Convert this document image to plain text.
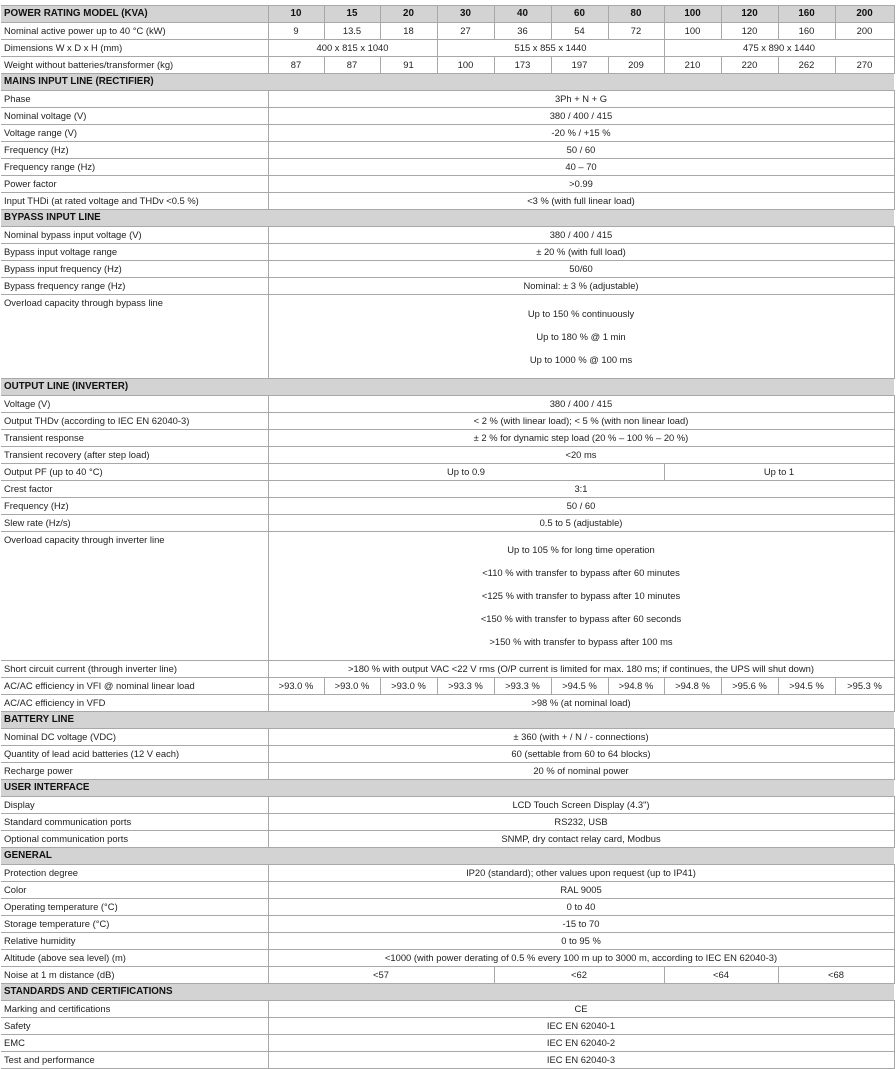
POWER RATING MODEL (KVA)	10	15	20	30	40	60	80	100	120	160	200
Nominal active power up to 40 °C (kW)	9	13.5	18	27	36	54	72	100	120	160	200
Dimensions W x D x H (mm)	400 x 815 x 1040			515 x 855 x 1440				475 x 890 x 1440			
Weight without batteries/transformer (kg)	87	87	91	100	173	197	209	210	220	262	270
MAINS INPUT LINE (RECTIFIER)											
Phase	3Ph + N + G										
Nominal voltage (V)	380 / 400 / 415										
Voltage range (V)	-20 % / +15 %										
Frequency (Hz)	50 / 60										
Frequency range (Hz)	40 – 70										
Power factor	>0.99										
Input THDi (at rated voltage and THDv <0.5 %)	<3 % (with full linear load)										
BYPASS INPUT LINE											
Nominal bypass input voltage (V)	380 / 400 / 415										
Bypass input voltage range	± 20 % (with full load)										
Bypass input frequency (Hz)	50/60										
Bypass frequency range (Hz)	Nominal: ± 3 % (adjustable)										
Overload capacity through bypass line	Up to 150 % continuously

Up to 180 % @ 1 min

Up to 1000 % @ 100 ms										

OUTPUT LINE (INVERTER)											
Voltage (V)	380 / 400 / 415										
Output THDv (according to IEC EN 62040-3)	< 2 % (with linear load); < 5 % (with non linear load)										
Transient response	± 2 % for dynamic step load (20 % – 100 % – 20 %)										
Transient recovery (after step load)	<20 ms										
Output PF (up to 40 °C)	Up to 0.9							Up to 1			
Crest factor	3:1										
Frequency (Hz)	50 / 60										
Slew rate (Hz/s)	0.5 to 5 (adjustable)										
Overload capacity through inverter line	Up to 105 % for long time operation

<110 % with transfer to bypass after 60 minutes

<125 % with transfer to bypass after 10 minutes

<150 % with transfer to bypass after 60 seconds

>150 % with transfer to bypass after 100 ms										

Short circuit current (through inverter line)	>180 % with output VAC <22 V rms (O/P current is limited for max. 180 ms; if continues, the UPS will shut down)										
AC/AC efficiency in VFI @ nominal linear load	>93.0 %	>93.0 %	>93.0 %	>93.3 %	>93.3 %	>94.5 %	>94.8 %	>94.8 %	>95.6 %	>94.5 %	>95.3 %
AC/AC efficiency in VFD	>98 % (at nominal load)										
BATTERY LINE											
Nominal DC voltage (VDC)	± 360 (with + / N / - connections)										
Quantity of lead acid batteries (12 V each)	60 (settable from 60 to 64 blocks)										
Recharge power	20 % of nominal power										
USER INTERFACE											
Display	LCD Touch Screen Display (4.3")										
Standard communication ports	RS232, USB										
Optional communication ports	SNMP, dry contact relay card, Modbus										
GENERAL											
Protection degree	IP20 (standard); other values upon request (up to IP41)										
Color	RAL 9005										
Operating temperature (°C)	0 to 40										
Storage temperature (°C)	-15 to 70										
Relative humidity	0 to 95 %										
Altitude (above sea level) (m)	<1000 (with power derating of 0.5 % every 100 m up to 3000 m, according to IEC EN 62040-3)										
Noise at 1 m distance (dB)	<57				<62			<64		<68	
STANDARDS AND CERTIFICATIONS											
Marking and certifications	CE										
Safety	IEC EN 62040-1										
EMC	IEC EN 62040-2										
Test and performance	IEC EN 62040-3										
